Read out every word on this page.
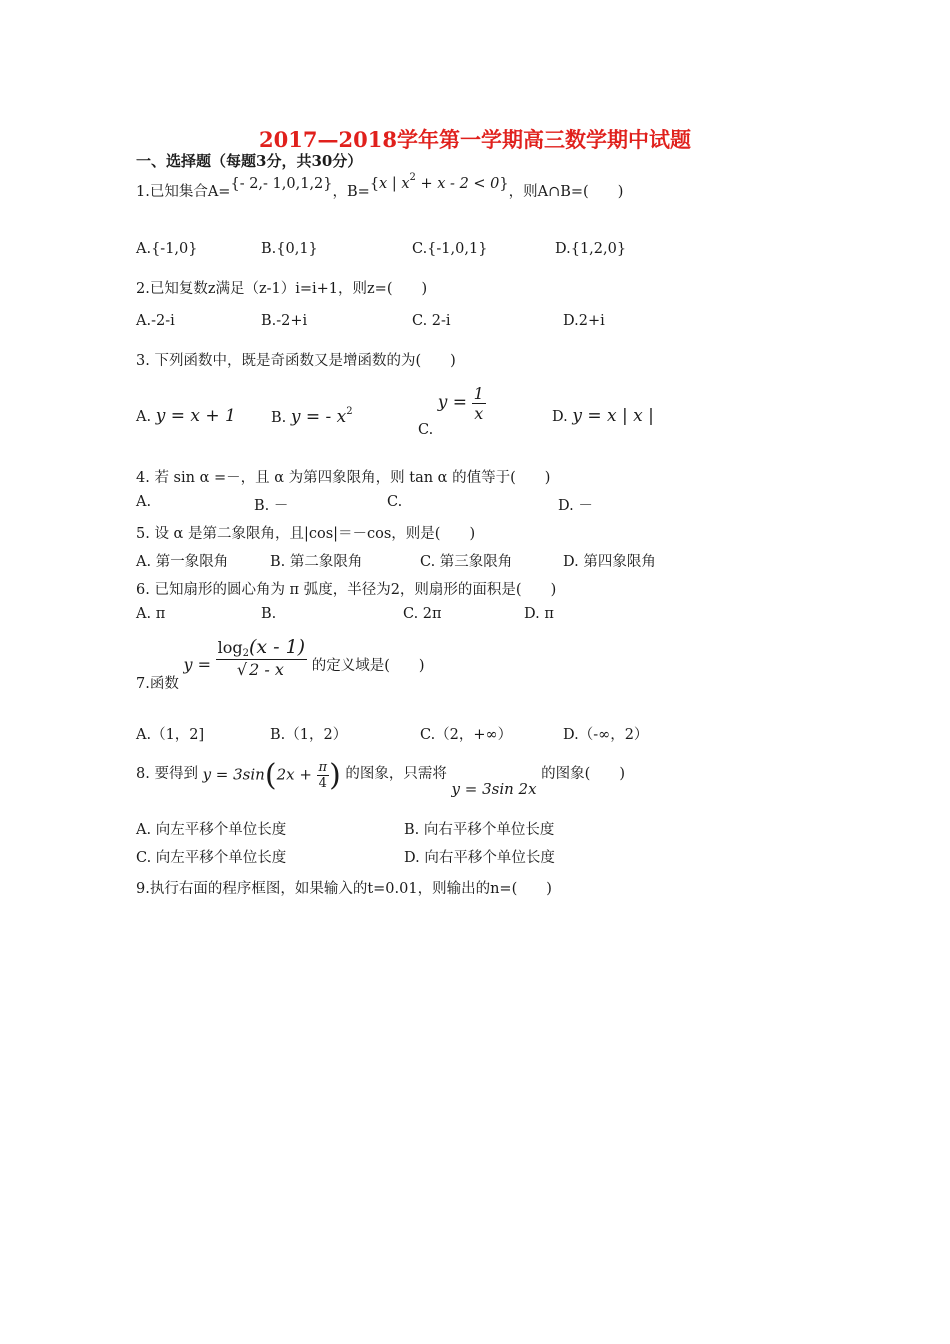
2017—2018学年第一学期高三数学期中试题
一、选择题（每题3分，共30分）
1.已知集合A={- 2,- 1,0,1,2}，B={x | $x^2 + x - 2 < 0$}，则A∩B=(　　)
A.{-1,0}	B.{0,1}	C.{-1,0,1}	D.{1,2,0}
2.已知复数z满足（z-1）i=i+1，则z=(　　)
A.-2-i	B.-2+i	C. 2-i	D.2+i
3. 下列函数中，既是奇函数又是增函数的为(　　)
A. y = x + 1 B. y = - $x^2$
C. $y = \frac{1}{x}$	D. y = x | x |
4. 若 sin α =－，且 α 为第四象限角，则 tan α 的值等于(　　)
A.	B. －	C.	D. －
5. 设 α 是第二象限角，且|cos|＝－cos，则是(　　)
A. 第一象限角	B. 第二象限角	C. 第三象限角	D. 第四象限角
6. 已知扇形的圆心角为 π 弧度，半径为2，则扇形的面积是(　　)
A. π	B.	C. 2π	D. π
7.函数 $y = \frac{\log_2(x - 1)}{√ 2 - x}$ 的定义域是(　　)
A.（1，2]	B.（1，2）	C.（2，+∞）	D.（-∞，2）
8. 要得到 $y = 3\sin(2x + \frac{\pi}{4}$ ) 的图象，只需将 y = 3sin 2x 的图象(　　)
A. 向左平移个单位长度	B. 向右平移个单位长度
C. 向左平移个单位长度	D. 向右平移个单位长度
9.执行右面的程序框图，如果输入的t=0.01，则输出的n=(　　)
